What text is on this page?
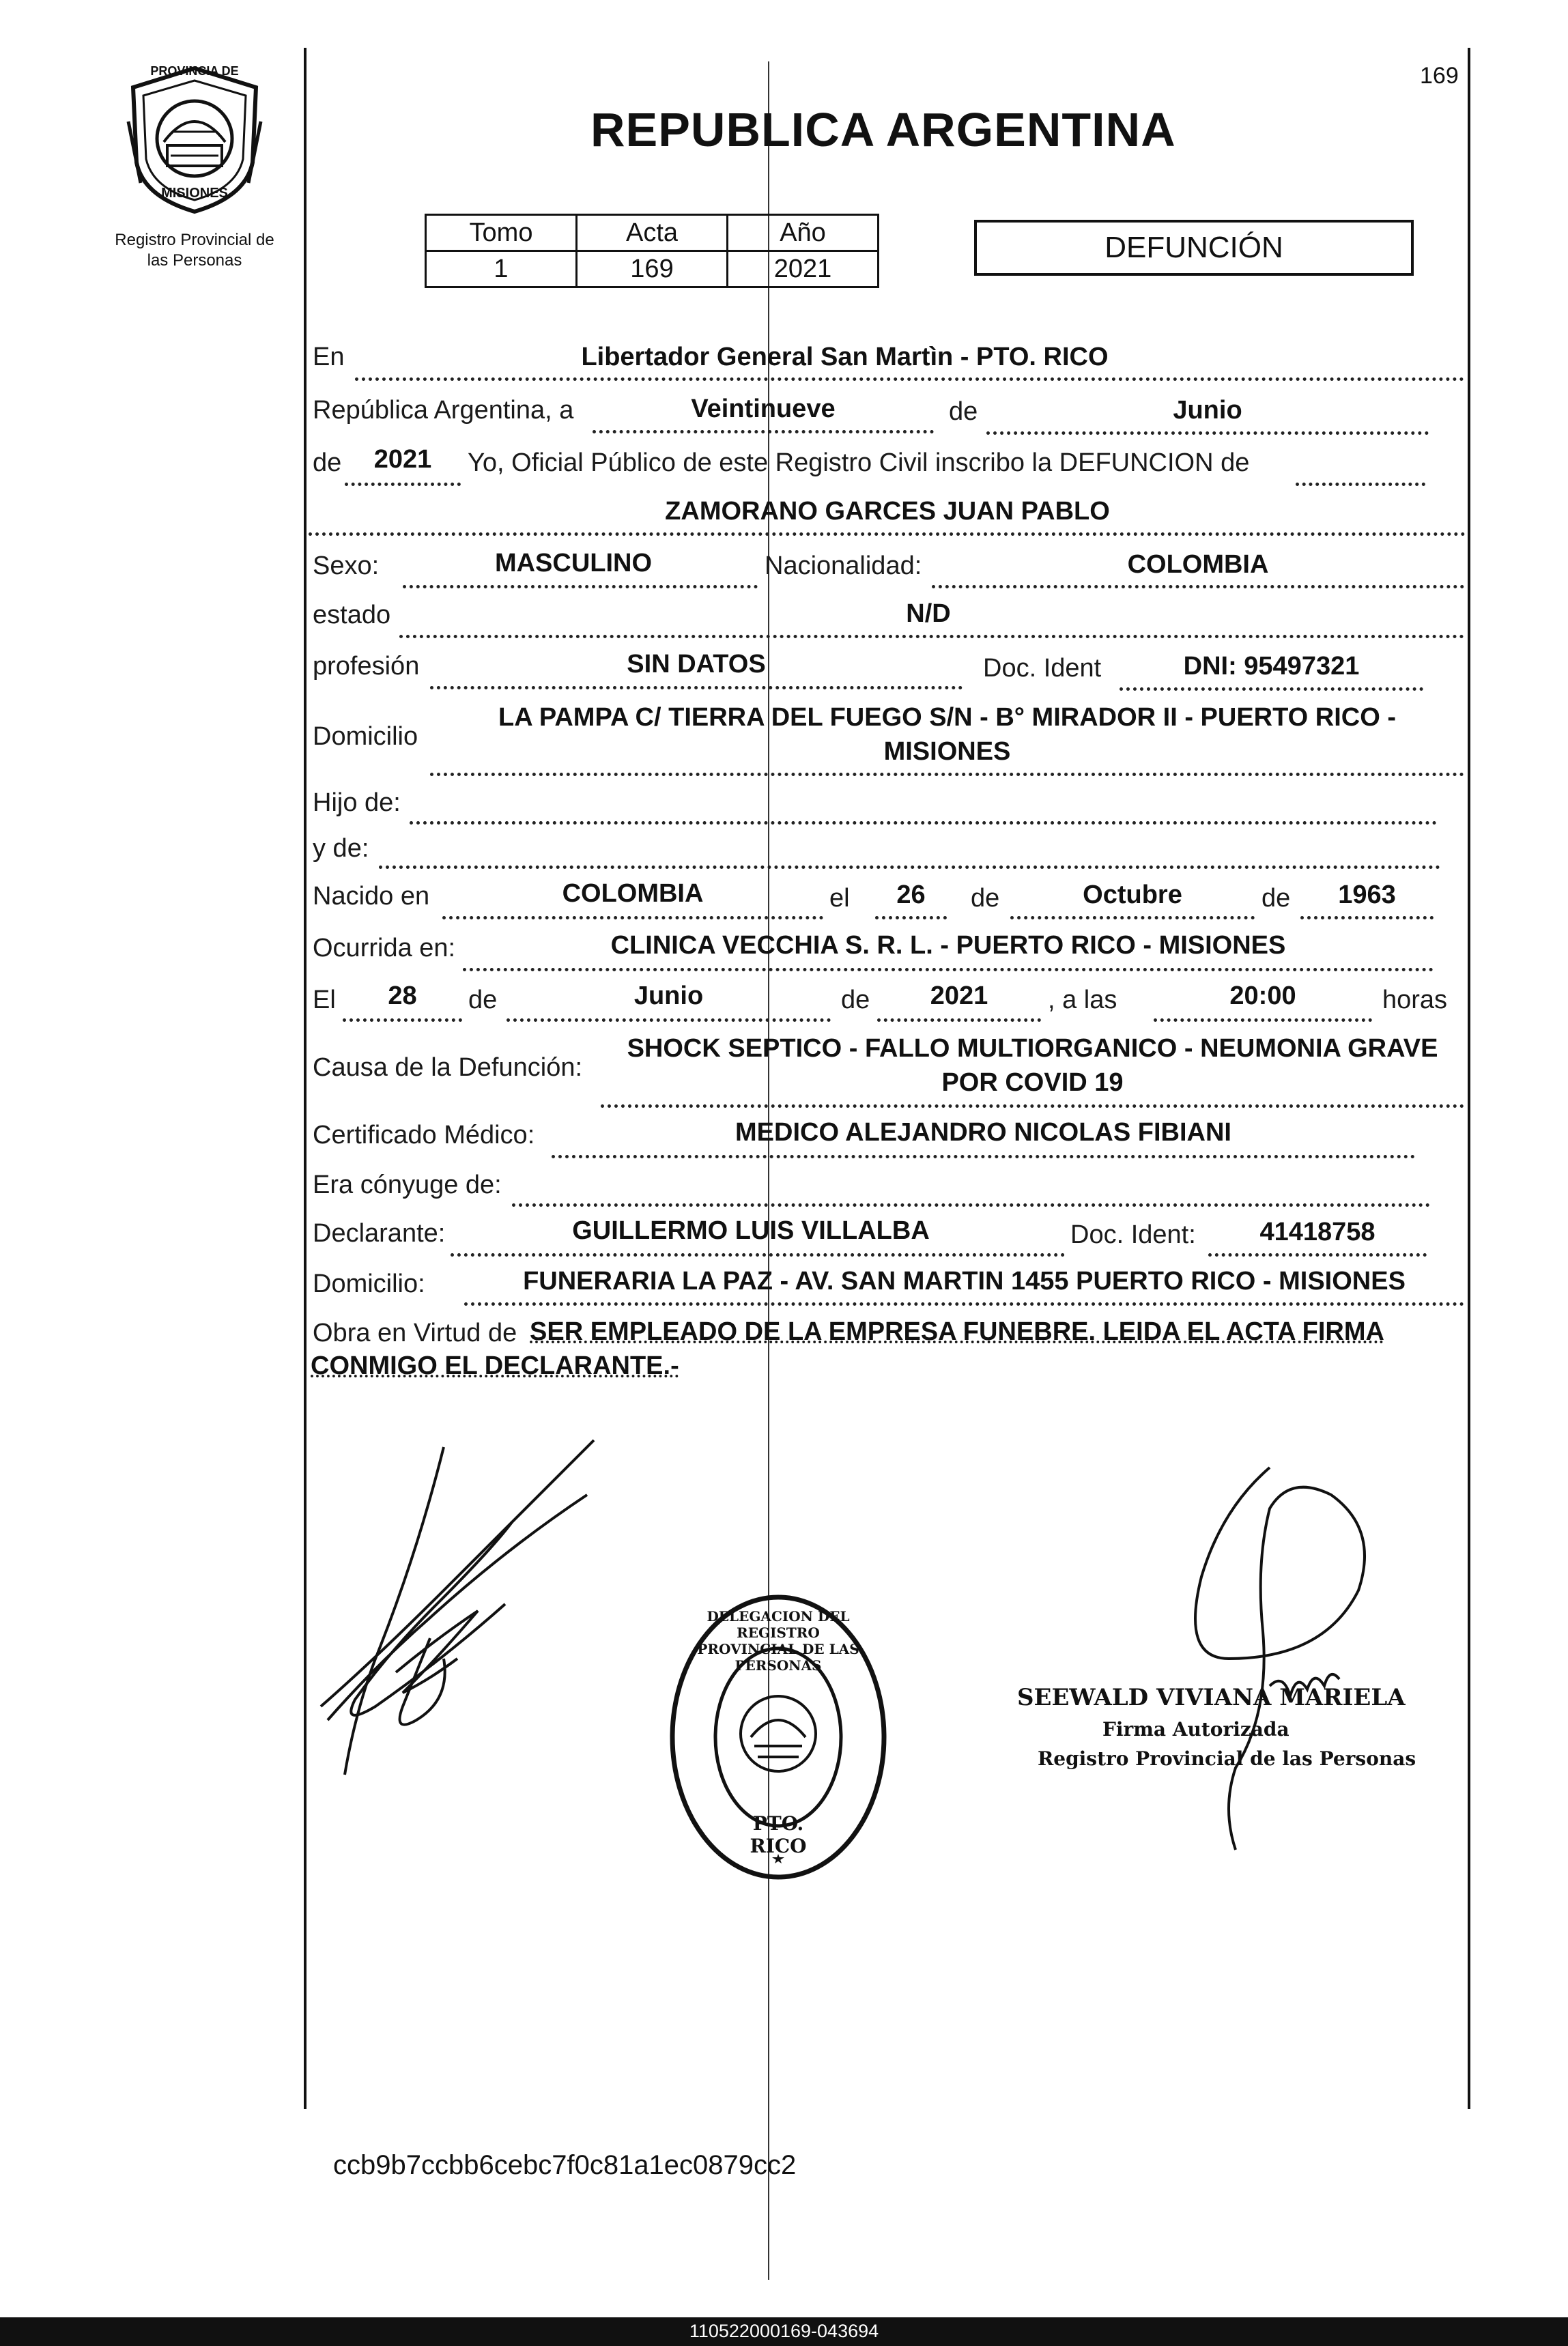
169
PROVINCIA DE
MISIONES
Registro Provincial de
las Personas
REPUBLICA ARGENTINA
Tomo	Acta	Año
1	169	2021
DEFUNCIÓN
En	Libertador General San Martìn - PTO. RICO
República Argentina, a	Veintinueve	de	Junio
de	2021	Yo, Oficial Público de este Registro Civil inscribo la DEFUNCION de
ZAMORANO GARCES JUAN PABLO
Sexo:	MASCULINO	Nacionalidad:	COLOMBIA
estado	N/D
profesión	SIN DATOS	Doc. Ident	DNI: 95497321
Domicilio
LA PAMPA C/ TIERRA DEL FUEGO S/N - B° MIRADOR II - PUERTO RICO -
MISIONES
Hijo de:
y de:
Nacido en	COLOMBIA	el	26	de	Octubre	de	1963
Ocurrida en:	CLINICA VECCHIA S. R. L. - PUERTO RICO - MISIONES
El	28	de	Junio	de	2021	, a las	20:00	horas
Causa de la Defunción:
SHOCK SEPTICO - FALLO MULTIORGANICO - NEUMONIA GRAVE
POR COVID 19
Certificado Médico:	MEDICO ALEJANDRO NICOLAS FIBIANI
Era cónyuge de:
Declarante:	GUILLERMO LUIS VILLALBA	Doc. Ident:	41418758
Domicilio:	FUNERARIA LA PAZ - AV. SAN MARTIN 1455 PUERTO RICO - MISIONES
Obra en Virtud de SER EMPLEADO DE LA EMPRESA FUNEBRE. LEIDA EL ACTA FIRMA
CONMIGO EL DECLARANTE.-
DELEGACION DEL REGISTRO PROVINCIAL DE LAS PERSONAS
PTO. RICO
SEEWALD VIVIANA MARIELA
Firma Autorizada
Registro Provincial de las Personas
ccb9b7ccbb6cebc7f0c81a1ec0879cc2
110522000169-043694
